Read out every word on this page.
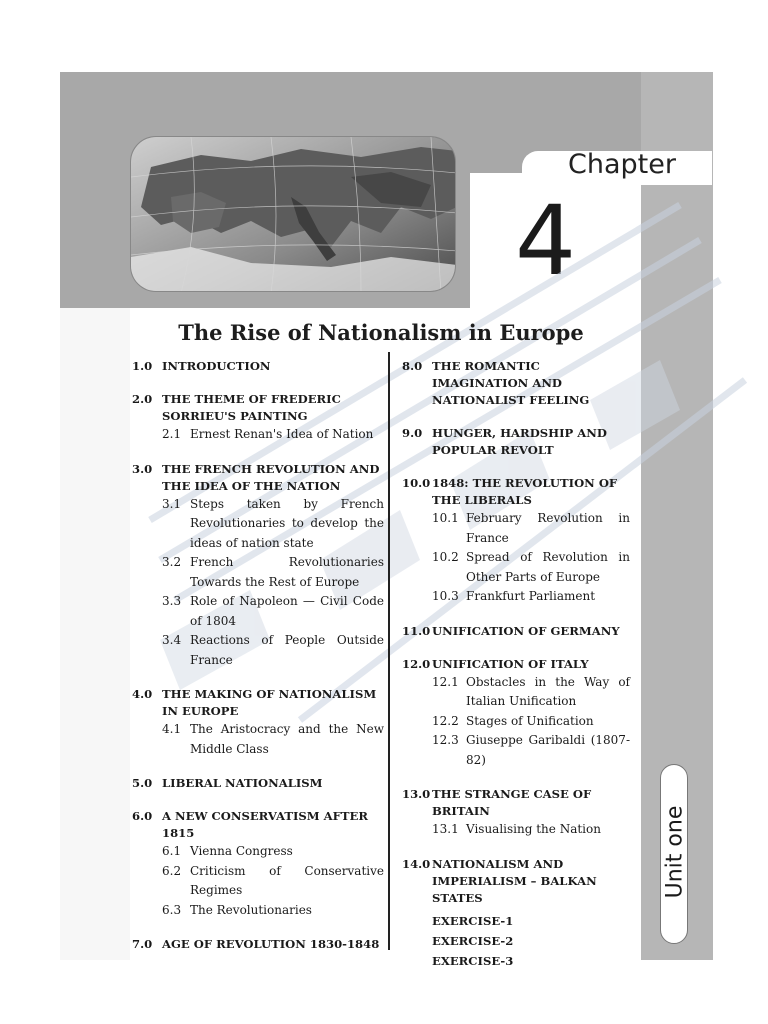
Chapter
4
The Rise of Nationalism in Europe
1.0 INTRODUCTION
2.0 THE THEME OF FREDERIC SORRIEU'S PAINTING
2.1 Ernest Renan's Idea of Nation
3.0 THE FRENCH REVOLUTION AND THE IDEA OF THE NATION
3.1 Steps taken by French Revolutionaries to develop the ideas of nation state
3.2 French Revolutionaries Towards the Rest of Europe
3.3 Role of Napoleon — Civil Code of 1804
3.4 Reactions of People Outside France
4.0 THE MAKING OF NATIONALISM IN EUROPE
4.1 The Aristocracy and the New Middle Class
5.0 LIBERAL NATIONALISM
6.0 A NEW CONSERVATISM AFTER 1815
6.1 Vienna Congress
6.2 Criticism of Conservative Regimes
6.3 The Revolutionaries
7.0 AGE OF REVOLUTION 1830-1848
8.0 THE ROMANTIC IMAGINATION AND NATIONALIST FEELING
9.0 HUNGER, HARDSHIP AND POPULAR REVOLT
10.0 1848: THE REVOLUTION OF THE LIBERALS
10.1 February Revolution in France
10.2 Spread of Revolution in Other Parts of Europe
10.3 Frankfurt Parliament
11.0 UNIFICATION OF GERMANY
12.0 UNIFICATION OF ITALY
12.1 Obstacles in the Way of Italian Unification
12.2 Stages of Unification
12.3 Giuseppe Garibaldi (1807-82)
13.0 THE STRANGE CASE OF BRITAIN
13.1 Visualising the Nation
14.0 NATIONALISM AND IMPERIALISM – BALKAN STATES
EXERCISE-1
EXERCISE-2
EXERCISE-3
Unit one
